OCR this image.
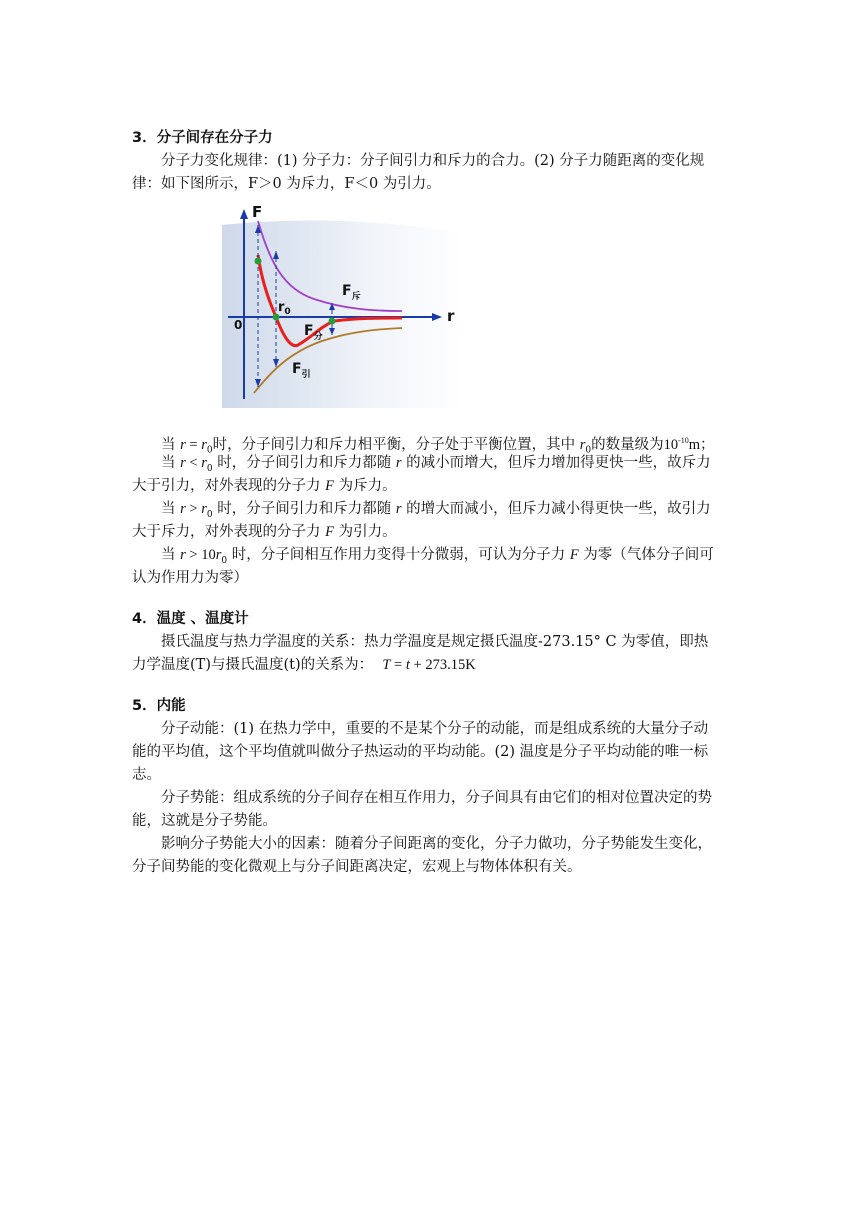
3．分子间存在分子力
分子力变化规律：(1) 分子力：分子间引力和斥力的合力。(2) 分子力随距离的变化规
律：如下图所示，F＞0 为斥力，F＜0 为引力。
F
r
0
$r_0$
$F_斥$
$F_分$
$F_引$
当 $r = r_0$时，分子间引力和斥力相平衡，分子处于平衡位置，其中 $r_0$的数量级为$10^{-10}m$；
当 $r < r_0$ 时，分子间引力和斥力都随 r 的减小而增大，但斥力增加得更快一些，故斥力
大于引力，对外表现的分子力 F 为斥力。
当 $r > r_0$ 时，分子间引力和斥力都随 r 的增大而减小，但斥力减小得更快一些，故引力
大于斥力，对外表现的分子力 F 为引力。
当 $r > 10r_0$ 时，分子间相互作用力变得十分微弱，可认为分子力 F 为零（气体分子间可
认为作用力为零）
4．温度 、温度计
摄氏温度与热力学温度的关系：热力学温度是规定摄氏温度-273.15° C 为零值，即热
力学温度(T)与摄氏温度(t)的关系为： T = t + 273.15K
5．内能
分子动能：(1) 在热力学中，重要的不是某个分子的动能，而是组成系统的大量分子动
能的平均值，这个平均值就叫做分子热运动的平均动能。(2) 温度是分子平均动能的唯一标
志。
分子势能：组成系统的分子间存在相互作用力，分子间具有由它们的相对位置决定的势
能，这就是分子势能。
影响分子势能大小的因素：随着分子间距离的变化，分子力做功，分子势能发生变化，
分子间势能的变化微观上与分子间距离决定，宏观上与物体体积有关。
